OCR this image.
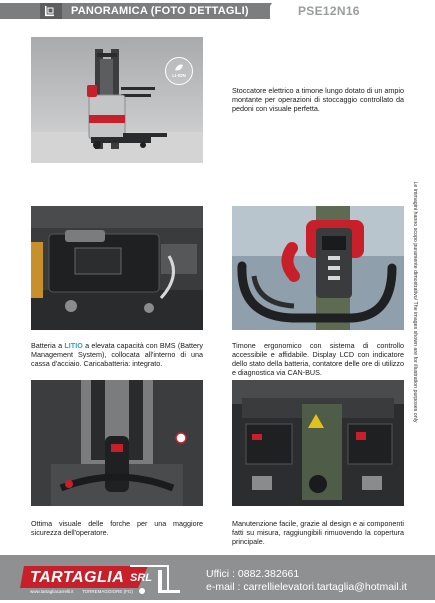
PANORAMICA (FOTO DETTAGLI)	PSE12N16
LI-ION

Stoccatore elettrico a timone lungo dotato di un ampio montante per operazioni di stoccaggio controllato da pedoni con visuale perfetta.

Batteria a LITIO a elevata capacità con BMS (Battery Management System), collocata all'interno di una cassa d'acciaio. Caricabatteria: integrato.

Timone ergonomico con sistema di controllo accessibile e affidabile. Display LCD con indicatore dello stato della batteria, contatore delle ore di utilizzo e diagnostica via CAN-BUS.

Ottima visuale delle forche per una maggiore sicurezza dell'operatore.

Manutenzione facile, grazie al design e ai componenti fatti su misura, raggiungibili rimuovendo la copertura principale.

Le immagini hanno scopo puramente dimostrativo/ The images shown are for illustration purposes only
TARTAGLIA SRL
www.tartagliacarrelli.it TORREMAGGIORE (FG)
Uffici : 0882.382661
e-mail : carrellielevatori.tartaglia@hotmail.it
